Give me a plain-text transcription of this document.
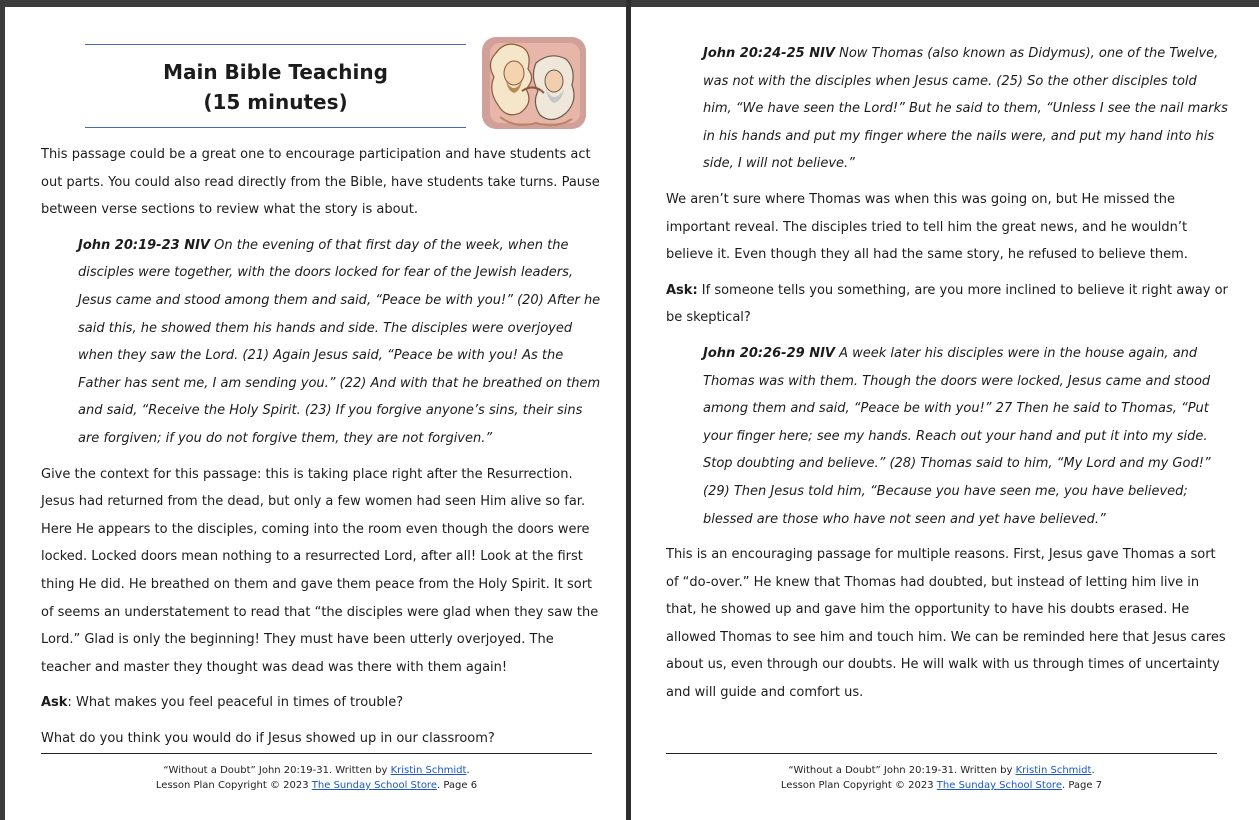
Main Bible Teaching
(15 minutes)

This passage could be a great one to encourage participation and have students act out parts. You could also read directly from the Bible, have students take turns. Pause between verse sections to review what the story is about.

John 20:19-23 NIV On the evening of that first day of the week, when the disciples were together, with the doors locked for fear of the Jewish leaders, Jesus came and stood among them and said, “Peace be with you!” (20) After he said this, he showed them his hands and side. The disciples were overjoyed when they saw the Lord. (21) Again Jesus said, “Peace be with you! As the Father has sent me, I am sending you.” (22) And with that he breathed on them and said, “Receive the Holy Spirit. (23) If you forgive anyone’s sins, their sins are forgiven; if you do not forgive them, they are not forgiven.”

Give the context for this passage: this is taking place right after the Resurrection. Jesus had returned from the dead, but only a few women had seen Him alive so far. Here He appears to the disciples, coming into the room even though the doors were locked. Locked doors mean nothing to a resurrected Lord, after all! Look at the first thing He did. He breathed on them and gave them peace from the Holy Spirit. It sort of seems an understatement to read that “the disciples were glad when they saw the Lord.” Glad is only the beginning! They must have been utterly overjoyed. The teacher and master they thought was dead was there with them again!

Ask: What makes you feel peaceful in times of trouble?

What do you think you would do if Jesus showed up in our classroom?

“Without a Doubt” John 20:19-31. Written by Kristin Schmidt.
Lesson Plan Copyright © 2023 The Sunday School Store. Page 6

John 20:24-25 NIV Now Thomas (also known as Didymus), one of the Twelve, was not with the disciples when Jesus came. (25) So the other disciples told him, “We have seen the Lord!” But he said to them, “Unless I see the nail marks in his hands and put my finger where the nails were, and put my hand into his side, I will not believe.”

We aren’t sure where Thomas was when this was going on, but He missed the important reveal. The disciples tried to tell him the great news, and he wouldn’t believe it. Even though they all had the same story, he refused to believe them.

Ask: If someone tells you something, are you more inclined to believe it right away or be skeptical?

John 20:26-29 NIV A week later his disciples were in the house again, and Thomas was with them. Though the doors were locked, Jesus came and stood among them and said, “Peace be with you!” 27 Then he said to Thomas, “Put your finger here; see my hands. Reach out your hand and put it into my side. Stop doubting and believe.” (28) Thomas said to him, “My Lord and my God!” (29) Then Jesus told him, “Because you have seen me, you have believed; blessed are those who have not seen and yet have believed.”

This is an encouraging passage for multiple reasons. First, Jesus gave Thomas a sort of “do-over.” He knew that Thomas had doubted, but instead of letting him live in that, he showed up and gave him the opportunity to have his doubts erased. He allowed Thomas to see him and touch him. We can be reminded here that Jesus cares about us, even through our doubts. He will walk with us through times of uncertainty and will guide and comfort us.

“Without a Doubt” John 20:19-31. Written by Kristin Schmidt.
Lesson Plan Copyright © 2023 The Sunday School Store. Page 7
